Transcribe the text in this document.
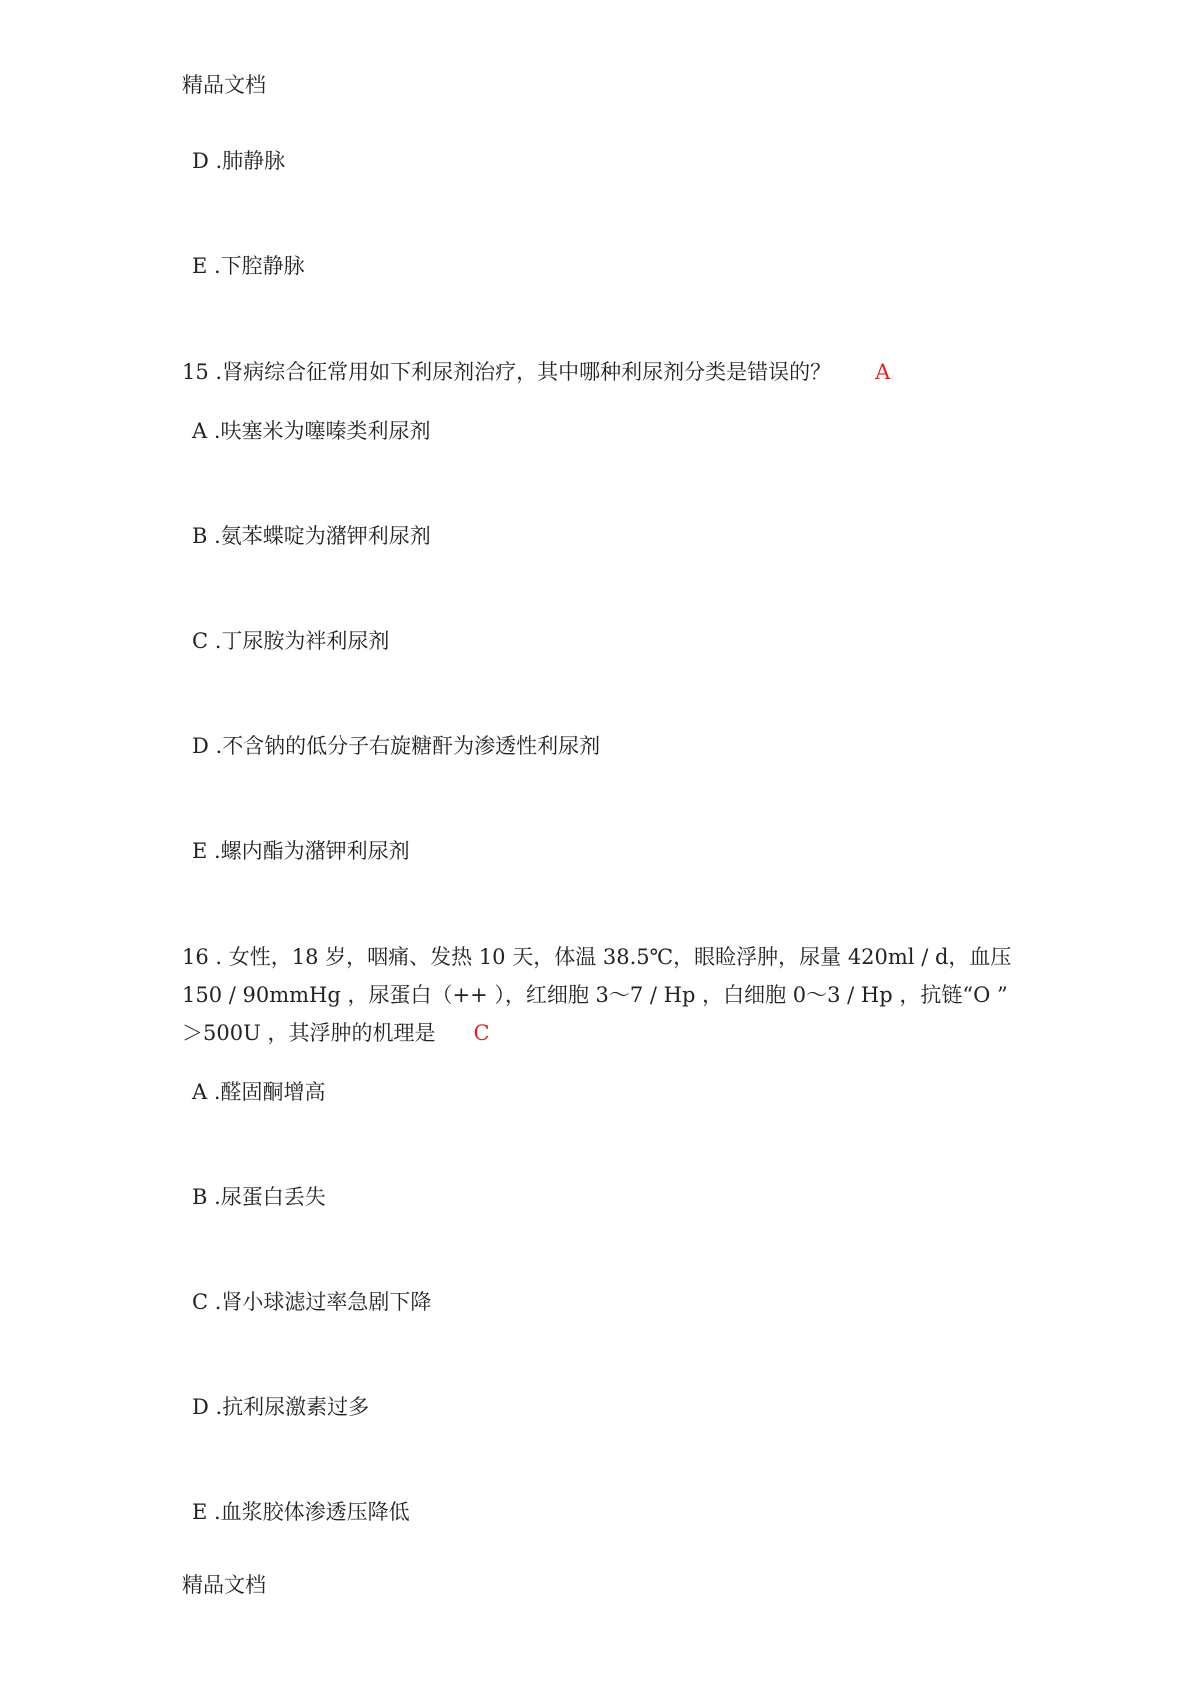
精品文档
D .肺静脉
E .下腔静脉
15 .肾病综合征常用如下利尿剂治疗，其中哪种利尿剂分类是错误的？ A
A .呋塞米为噻嗪类利尿剂
B .氨苯蝶啶为潴钾利尿剂
C .丁尿胺为袢利尿剂
D .不含钠的低分子右旋糖酐为渗透性利尿剂
E .螺内酯为潴钾利尿剂
16 . 女性，18 岁，咽痛、发热 10 天，体温 38.5℃，眼睑浮肿，尿量 420ml / d，血压
150 / 90mmHg ，尿蛋白（++ ），红细胞 3～7 / Hp ，白细胞 0～3 / Hp ，抗链“O ”
＞500U ，其浮肿的机理是 C
A .醛固酮增高
B .尿蛋白丢失
C .肾小球滤过率急剧下降
D .抗利尿激素过多
E .血浆胶体渗透压降低
精品文档
